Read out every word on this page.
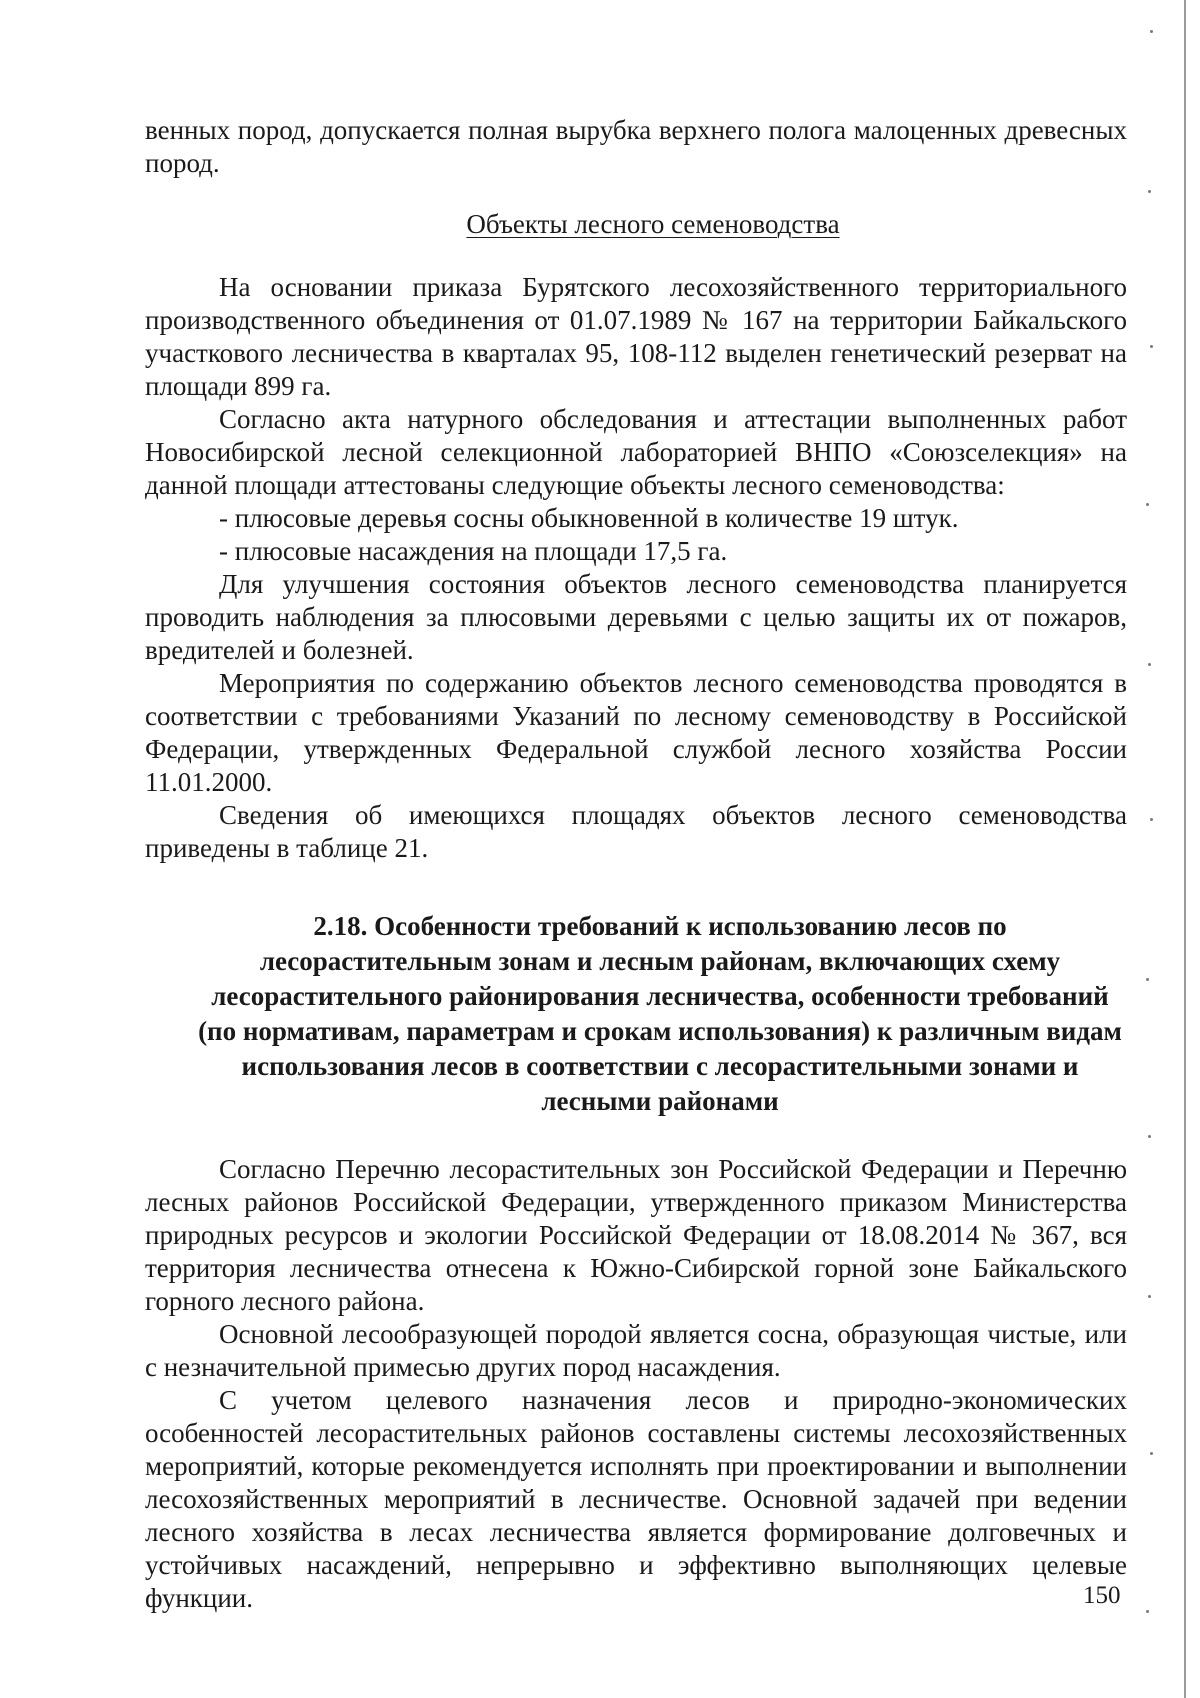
венных пород, допускается полная вырубка верхнего полога малоценных древесных пород.

Объекты лесного семеноводства

На основании приказа Бурятского лесохозяйственного территориального производственного объединения от 01.07.1989 № 167 на территории Байкальского участкового лесничества в кварталах 95, 108-112 выделен генетический резерват на площади 899 га.

Согласно акта натурного обследования и аттестации выполненных работ Новосибирской лесной селекционной лабораторией ВНПО «Союзселекция» на данной площади аттестованы следующие объекты лесного семеноводства:

- плюсовые деревья сосны обыкновенной в количестве 19 штук.

- плюсовые насаждения на площади 17,5 га.

Для улучшения состояния объектов лесного семеноводства планируется проводить наблюдения за плюсовыми деревьями с целью защиты их от пожаров, вредителей и болезней.

Мероприятия по содержанию объектов лесного семеноводства проводятся в соответствии с требованиями Указаний по лесному семеноводству в Российской Федерации, утвержденных Федеральной службой лесного хозяйства России 11.01.2000.

Сведения об имеющихся площадях объектов лесного семеноводства приведены в таблице 21.

2.18. Особенности требований к использованию лесов по лесорастительным зонам и лесным районам, включающих схему лесорастительного районирования лесничества, особенности требований (по нормативам, параметрам и срокам использования) к различным видам использования лесов в соответствии с лесорастительными зонами и лесными районами

Согласно Перечню лесорастительных зон Российской Федерации и Перечню лесных районов Российской Федерации, утвержденного приказом Министерства природных ресурсов и экологии Российской Федерации от 18.08.2014 № 367, вся территория лесничества отнесена к Южно-Сибирской горной зоне Байкальского горного лесного района.

Основной лесообразующей породой является сосна, образующая чистые, или с незначительной примесью других пород насаждения.

С учетом целевого назначения лесов и природно-экономических особенностей лесорастительных районов составлены системы лесохозяйственных мероприятий, которые рекомендуется исполнять при проектировании и выполнении лесохозяйственных мероприятий в лесничестве. Основной задачей при ведении лесного хозяйства в лесах лесничества является формирование долговечных и устойчивых насаждений, непрерывно и эффективно выполняющих целевые функции.	150
